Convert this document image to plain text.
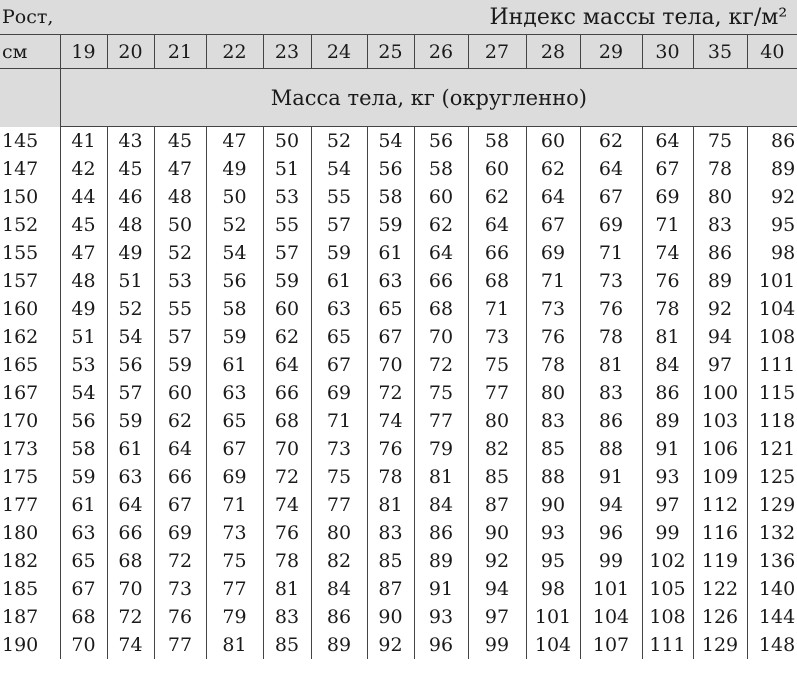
Рост,	Индекс массы тела, кг/м²													
см	19	20	21	22	23	24	25	26	27	28	29	30	35	40
	Масса тела, кг (округленно)													
145	41	43	45	47	50	52	54	56	58	60	62	64	75	86
147	42	45	47	49	51	54	56	58	60	62	64	67	78	89
150	44	46	48	50	53	55	58	60	62	64	67	69	80	92
152	45	48	50	52	55	57	59	62	64	67	69	71	83	95
155	47	49	52	54	57	59	61	64	66	69	71	74	86	98
157	48	51	53	56	59	61	63	66	68	71	73	76	89	101
160	49	52	55	58	60	63	65	68	71	73	76	78	92	104
162	51	54	57	59	62	65	67	70	73	76	78	81	94	108
165	53	56	59	61	64	67	70	72	75	78	81	84	97	111
167	54	57	60	63	66	69	72	75	77	80	83	86	100	115
170	56	59	62	65	68	71	74	77	80	83	86	89	103	118
173	58	61	64	67	70	73	76	79	82	85	88	91	106	121
175	59	63	66	69	72	75	78	81	85	88	91	93	109	125
177	61	64	67	71	74	77	81	84	87	90	94	97	112	129
180	63	66	69	73	76	80	83	86	90	93	96	99	116	132
182	65	68	72	75	78	82	85	89	92	95	99	102	119	136
185	67	70	73	77	81	84	87	91	94	98	101	105	122	140
187	68	72	76	79	83	86	90	93	97	101	104	108	126	144
190	70	74	77	81	85	89	92	96	99	104	107	111	129	148
